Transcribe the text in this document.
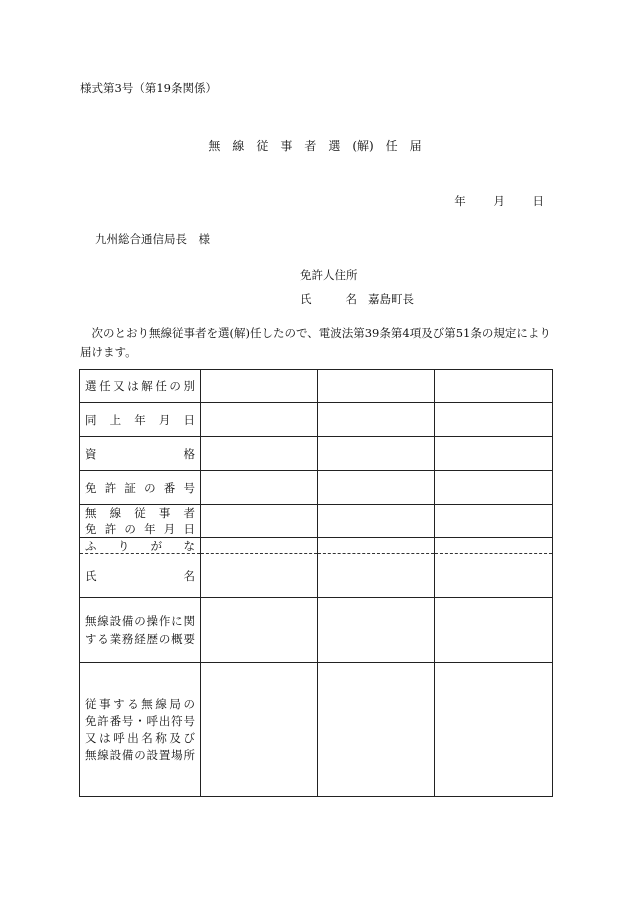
様式第3号（第19条関係）
無　線　従　事　者　選　(解)　任　届
年 月 日
九州総合通信局長　様
免許人住所
氏	名 嘉島町長
次のとおり無線従事者を選(解)任したので、電波法第39条第4項及び第51条の規定により届けます。
選任又は解任の別			

同上年月日			

資格			

免許証の番号			

無線従事者
免許の年月日			

ふりがな			

氏名			

無線設備の操作に関
する業務経歴の概要			

従事する無線局の
免許番号・呼出符号
又は呼出名称及び
無線設備の設置場所			
